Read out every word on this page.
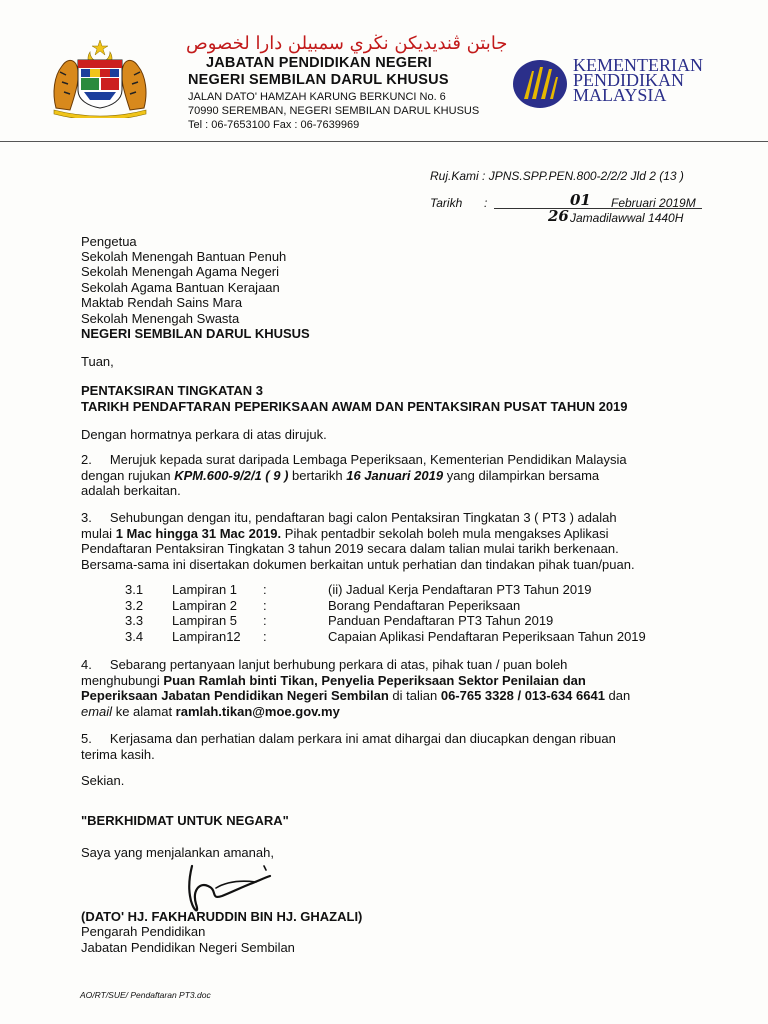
جابتن ڤنديديكن نڬري سمبيلن دارا لخصوص
JABATAN PENDIDIKAN NEGERI
NEGERI SEMBILAN DARUL KHUSUS
JALAN DATO' HAMZAH KARUNG BERKUNCI No. 6
70990 SEREMBAN, NEGERI SEMBILAN DARUL KHUSUS
Tel : 06-7653100 Fax : 06-7639969
KEMENTERIAN
PENDIDIKAN
MALAYSIA
Ruj.Kami : JPNS.SPP.PEN.800-2/2/2 Jld 2 (13 )
Tarikh :	01 Februari 2019M
26 Jamadilawwal 1440H
Pengetua
Sekolah Menengah Bantuan Penuh
Sekolah Menengah Agama Negeri
Sekolah Agama Bantuan Kerajaan
Maktab Rendah Sains Mara
Sekolah Menengah Swasta
NEGERI SEMBILAN DARUL KHUSUS
Tuan,
PENTAKSIRAN TINGKATAN 3
TARIKH PENDAFTARAN PEPERIKSAAN AWAM DAN PENTAKSIRAN PUSAT TAHUN 2019
Dengan hormatnya perkara di atas dirujuk.
2. Merujuk kepada surat daripada Lembaga Peperiksaan, Kementerian Pendidikan Malaysia
dengan rujukan KPM.600-9/2/1 ( 9 ) bertarikh 16 Januari 2019 yang dilampirkan bersama
adalah berkaitan.
3. Sehubungan dengan itu, pendaftaran bagi calon Pentaksiran Tingkatan 3 ( PT3 ) adalah
mulai 1 Mac hingga 31 Mac 2019. Pihak pentadbir sekolah boleh mula mengakses Aplikasi
Pendaftaran Pentaksiran Tingkatan 3 tahun 2019 secara dalam talian mulai tarikh berkenaan.
Bersama-sama ini disertakan dokumen berkaitan untuk perhatian dan tindakan pihak tuan/puan.
3.1 Lampiran 1 :	(ii) Jadual Kerja Pendaftaran PT3 Tahun 2019
3.2 Lampiran 2 :	Borang Pendaftaran Peperiksaan
3.3 Lampiran 5 :	Panduan Pendaftaran PT3 Tahun 2019
3.4 Lampiran12 :	Capaian Aplikasi Pendaftaran Peperiksaan Tahun 2019
4. Sebarang pertanyaan lanjut berhubung perkara di atas, pihak tuan / puan boleh
menghubungi Puan Ramlah binti Tikan, Penyelia Peperiksaan Sektor Penilaian dan
Peperiksaan Jabatan Pendidikan Negeri Sembilan di talian 06-765 3328 / 013-634 6641 dan
email ke alamat ramlah.tikan@moe.gov.my
5. Kerjasama dan perhatian dalam perkara ini amat dihargai dan diucapkan dengan ribuan
terima kasih.
Sekian.
"BERKHIDMAT UNTUK NEGARA"
Saya yang menjalankan amanah,
(DATO' HJ. FAKHARUDDIN BIN HJ. GHAZALI)
Pengarah Pendidikan
Jabatan Pendidikan Negeri Sembilan
AO/RT/SUE/ Pendaftaran PT3.doc
